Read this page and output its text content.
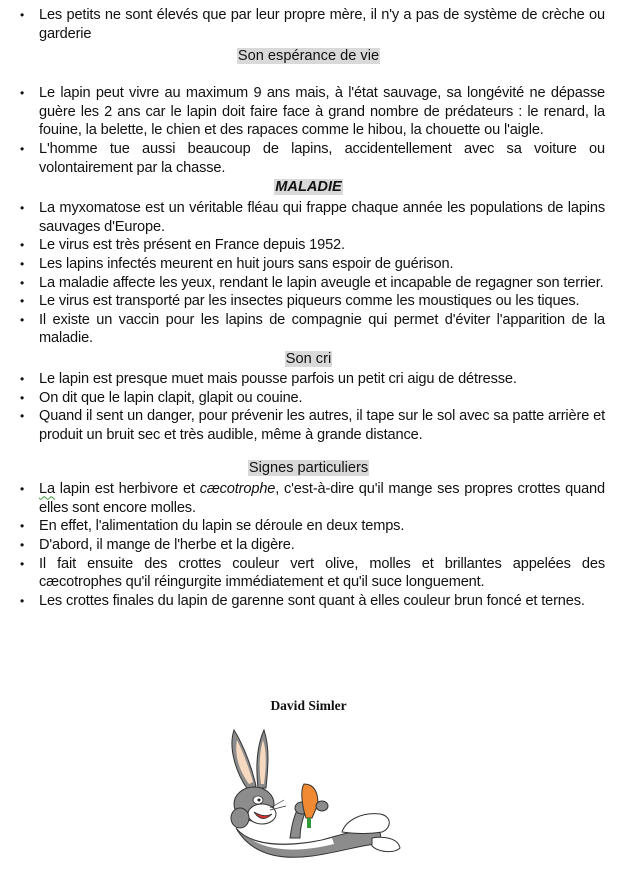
• Les petits ne sont élevés que par leur propre mère, il n'y a pas de système de crèche ou garderie
Son espérance de vie
• Le lapin peut vivre au maximum 9 ans mais, à l'état sauvage, sa longévité ne dépasse guère les 2 ans car le lapin doit faire face à grand nombre de prédateurs : le renard, la fouine, la belette, le chien et des rapaces comme le hibou, la chouette ou l'aigle.
• L'homme tue aussi beaucoup de lapins, accidentellement avec sa voiture ou volontairement par la chasse.
MALADIE
• La myxomatose est un véritable fléau qui frappe chaque année les populations de lapins sauvages d'Europe.
• Le virus est très présent en France depuis 1952.
• Les lapins infectés meurent en huit jours sans espoir de guérison.
• La maladie affecte les yeux, rendant le lapin aveugle et incapable de regagner son terrier.
• Le virus est transporté par les insectes piqueurs comme les moustiques ou les tiques.
• Il existe un vaccin pour les lapins de compagnie qui permet d'éviter l'apparition de la maladie.
Son cri
• Le lapin est presque muet mais pousse parfois un petit cri aigu de détresse.
• On dit que le lapin clapit, glapit ou couine.
• Quand il sent un danger, pour prévenir les autres, il tape sur le sol avec sa patte arrière et produit un bruit sec et très audible, même à grande distance.
Signes particuliers
• La lapin est herbivore et cæcotrophe, c'est-à-dire qu'il mange ses propres crottes quand elles sont encore molles.
• En effet, l'alimentation du lapin se déroule en deux temps.
• D'abord, il mange de l'herbe et la digère.
• Il fait ensuite des crottes couleur vert olive, molles et brillantes appelées des cæcotrophes qu'il réingurgite immédiatement et qu'il suce longuement.
• Les crottes finales du lapin de garenne sont quant à elles couleur brun foncé et ternes.
David Simler
